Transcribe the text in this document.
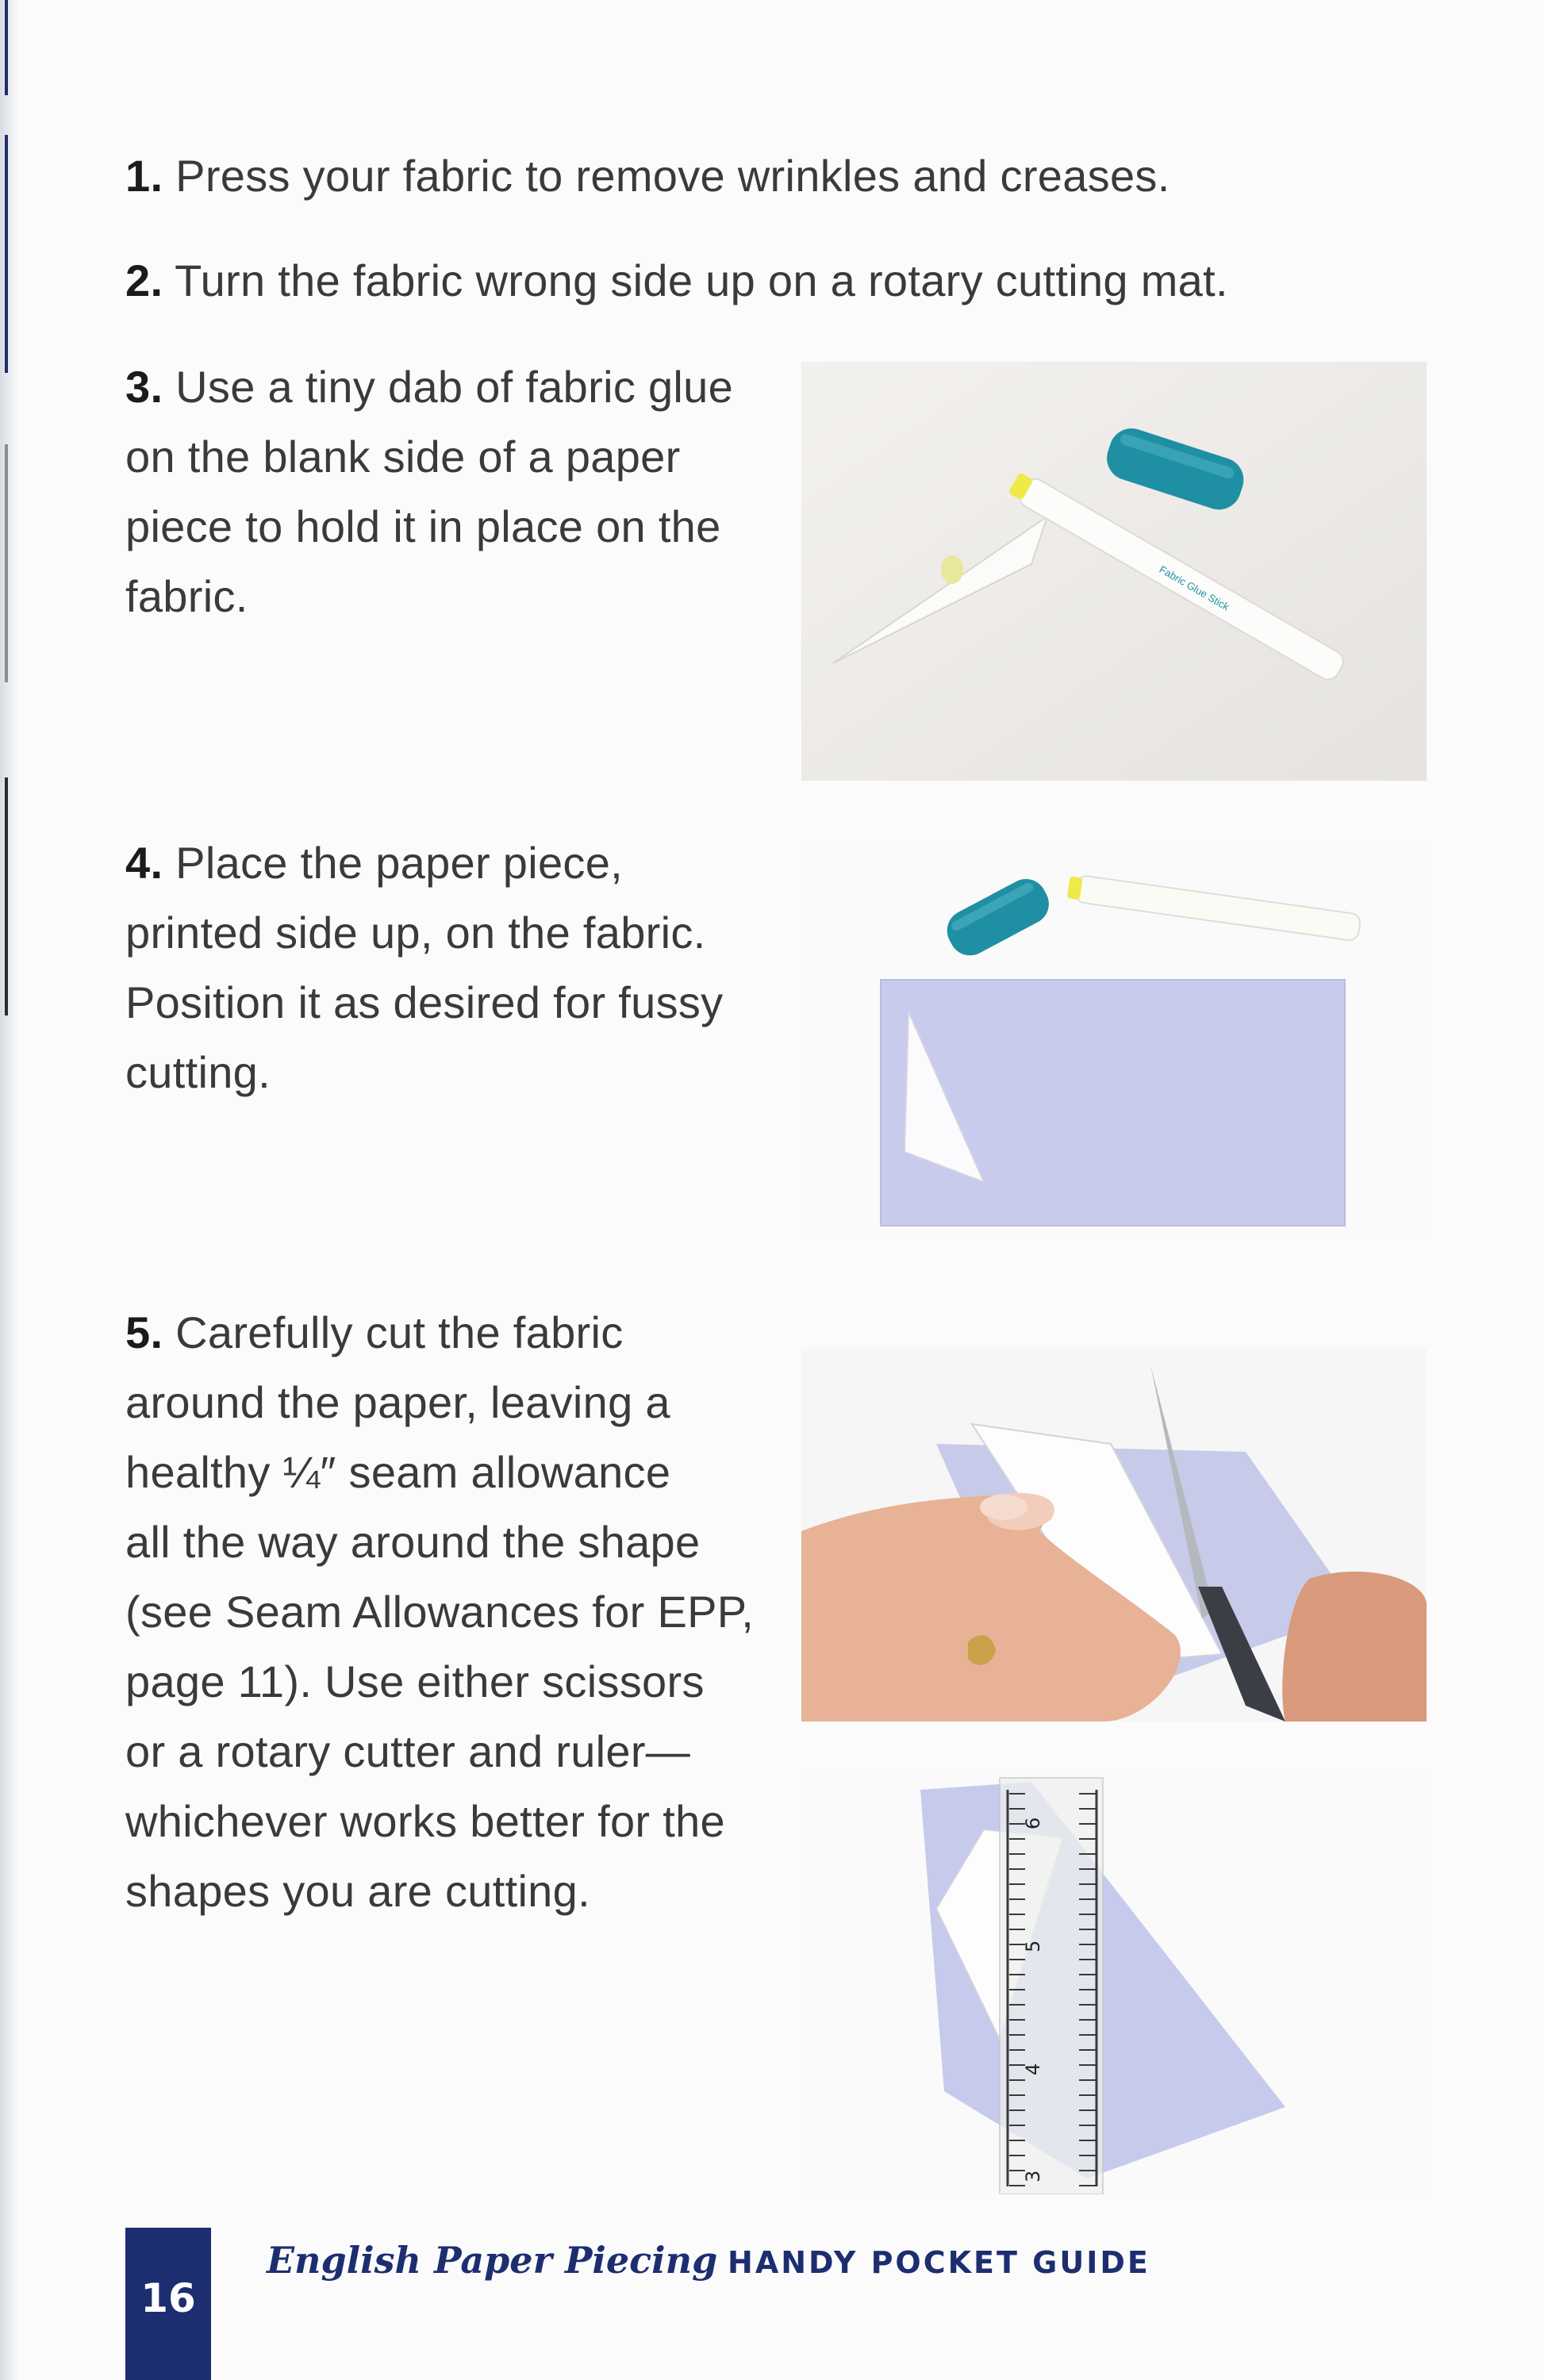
1. Press your fabric to remove wrinkles and creases.
2. Turn the fabric wrong side up on a rotary cutting mat.
3. Use a tiny dab of fabric glue
on the blank side of a paper
piece to hold it in place on the
fabric.	Fabric Glue Stick
4. Place the paper piece,
printed side up, on the fabric.
Position it as desired for fussy
cutting.
5. Carefully cut the fabric
around the paper, leaving a
healthy ¼″ seam allowance
all the way around the shape
(see Seam Allowances for EPP,
page 11). Use either scissors
or a rotary cutter and ruler—
whichever works better for the
shapes you are cutting.
6
5
4
3
16
English Paper Piecing HANDY POCKET GUIDE
